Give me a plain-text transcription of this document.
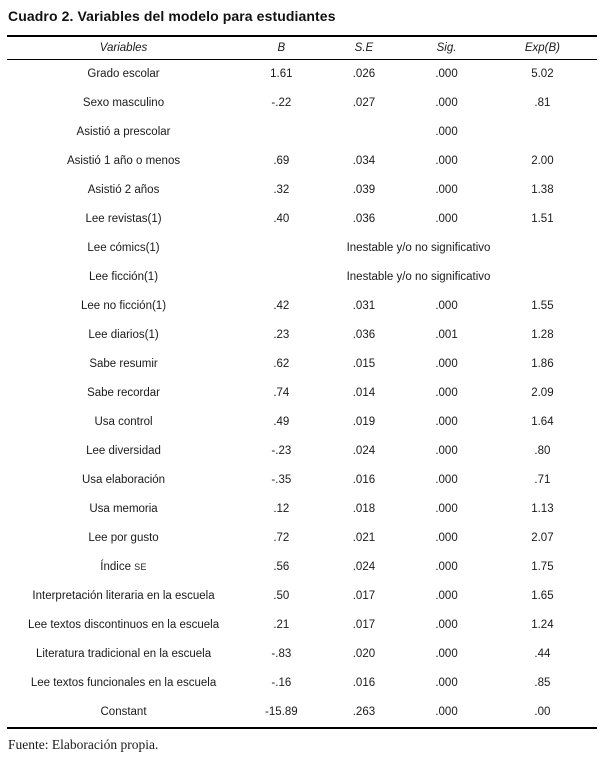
Cuadro 2. Variables del modelo para estudiantes
Variables	B	S.E	Sig.	Exp(B)
Grado escolar	1.61	.026	.000	5.02
Sexo masculino	-.22	.027	.000	.81
Asistió a prescolar			.000	
Asistió 1 año o menos	.69	.034	.000	2.00
Asistió 2 años	.32	.039	.000	1.38
Lee revistas(1)	.40	.036	.000	1.51
Lee cómics(1)	Inestable y/o no significativo			
Lee ficción(1)	Inestable y/o no significativo			
Lee no ficción(1)	.42	.031	.000	1.55
Lee diarios(1)	.23	.036	.001	1.28
Sabe resumir	.62	.015	.000	1.86
Sabe recordar	.74	.014	.000	2.09
Usa control	.49	.019	.000	1.64
Lee diversidad	-.23	.024	.000	.80
Usa elaboración	-.35	.016	.000	.71
Usa memoria	.12	.018	.000	1.13
Lee por gusto	.72	.021	.000	2.07
Índice SE	.56	.024	.000	1.75
Interpretación literaria en la escuela	.50	.017	.000	1.65
Lee textos discontinuos en la escuela	.21	.017	.000	1.24
Literatura tradicional en la escuela	-.83	.020	.000	.44
Lee textos funcionales en la escuela	-.16	.016	.000	.85
Constant	-15.89	.263	.000	.00

Fuente: Elaboración propia.
